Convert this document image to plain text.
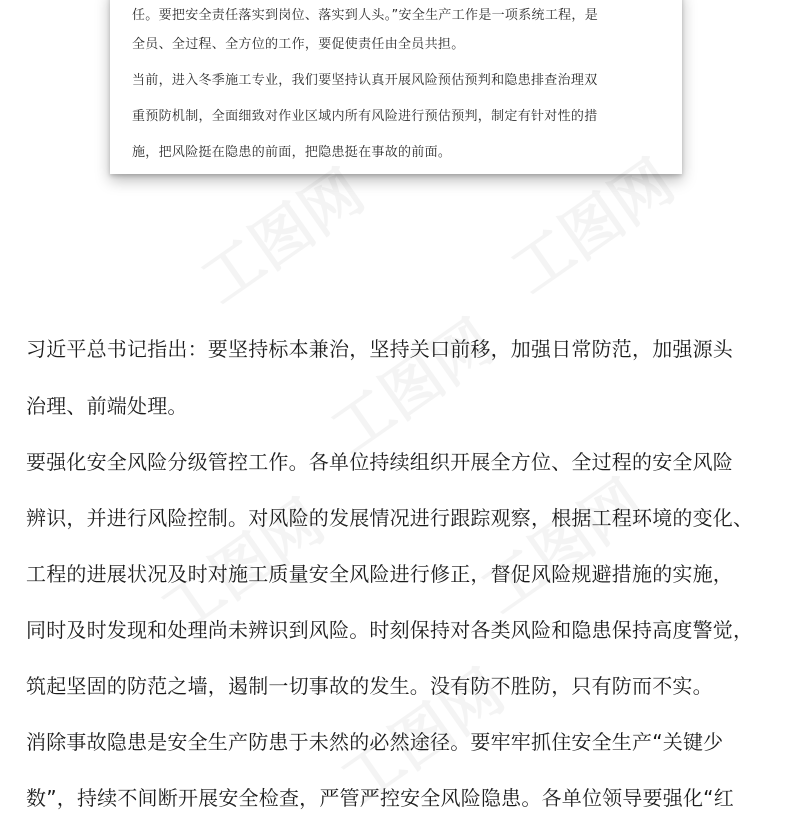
任。要把安全责任落实到岗位、落实到人头。”安全生产工作是一项系统工程，是

全员、全过程、全方位的工作，要促使责任由全员共担。

当前，进入冬季施工专业，我们要坚持认真开展风险预估预判和隐患排查治理双

重预防机制，全面细致对作业区域内所有风险进行预估预判，制定有针对性的措

施，把风险挺在隐患的前面，把隐患挺在事故的前面。

习近平总书记指出：要坚持标本兼治，坚持关口前移，加强日常防范，加强源头

治理、前端处理。

要强化安全风险分级管控工作。各单位持续组织开展全方位、全过程的安全风险

辨识，并进行风险控制。对风险的发展情况进行跟踪观察，根据工程环境的变化、

工程的进展状况及时对施工质量安全风险进行修正，督促风险规避措施的实施，

同时及时发现和处理尚未辨识到风险。时刻保持对各类风险和隐患保持高度警觉，

筑起坚固的防范之墙，遏制一切事故的发生。没有防不胜防，只有防而不实。

消除事故隐患是安全生产防患于未然的必然途径。要牢牢抓住安全生产“关键少

数”，持续不间断开展安全检查，严管严控安全风险隐患。各单位领导要强化“红
